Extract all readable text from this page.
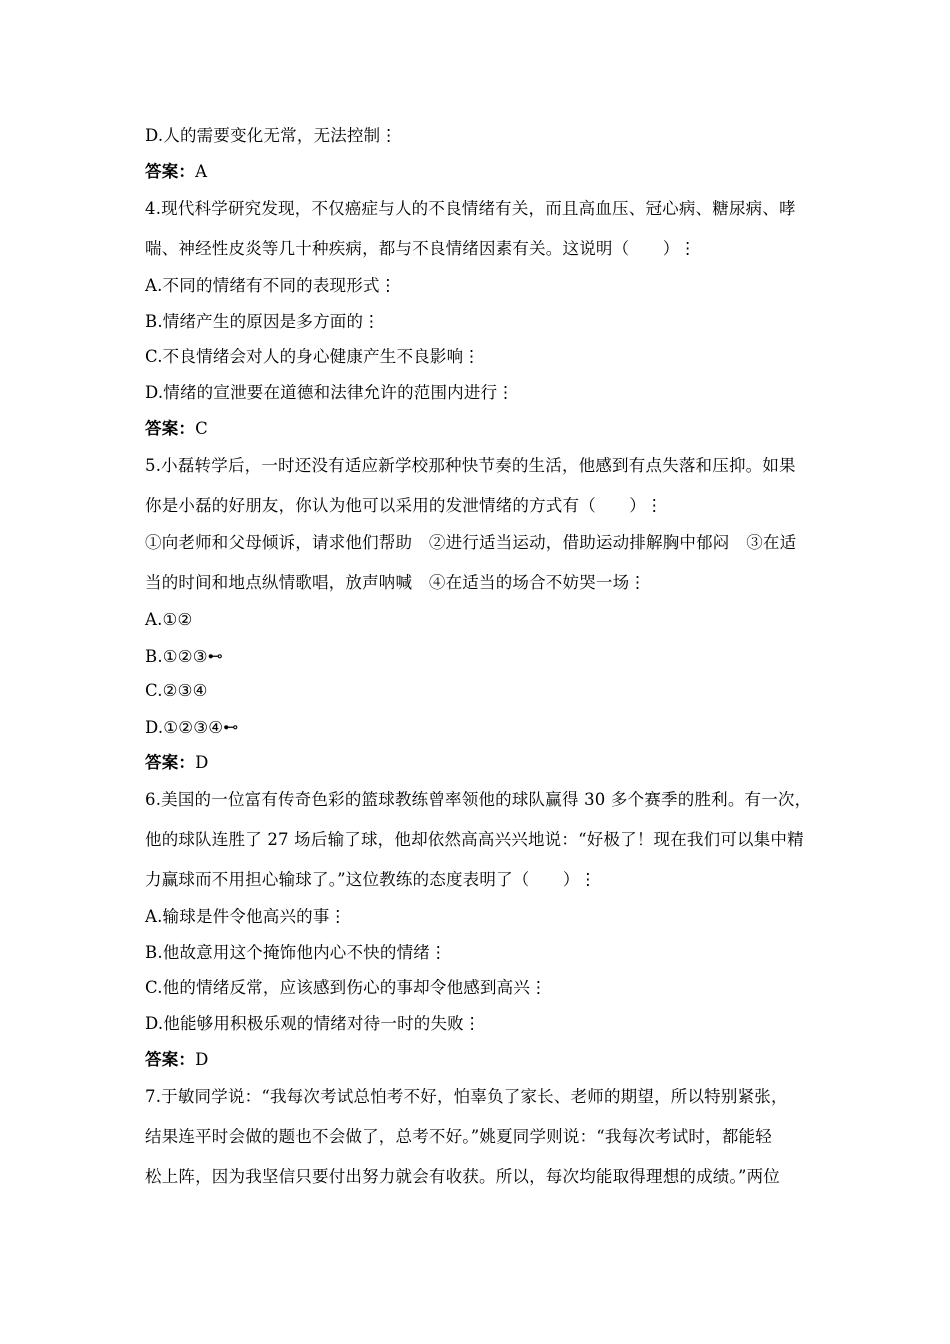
D.人的需要变化无常，无法控制⋮
答案：A
4.现代科学研究发现，不仅癌症与人的不良情绪有关，而且高血压、冠心病、糖尿病、哮
喘、神经性皮炎等几十种疾病，都与不良情绪因素有关。这说明（　　）⋮
A.不同的情绪有不同的表现形式⋮
B.情绪产生的原因是多方面的⋮
C.不良情绪会对人的身心健康产生不良影响⋮
D.情绪的宣泄要在道德和法律允许的范围内进行⋮
答案：C
5.小磊转学后，一时还没有适应新学校那种快节奏的生活，他感到有点失落和压抑。如果
你是小磊的好朋友，你认为他可以采用的发泄情绪的方式有（　　）⋮
①向老师和父母倾诉，请求他们帮助　②进行适当运动，借助运动排解胸中郁闷　③在适
当的时间和地点纵情歌唱，放声呐喊　④在适当的场合不妨哭一场⋮
A.①②
B.①②③⊷
C.②③④
D.①②③④⊷
答案：D
6.美国的一位富有传奇色彩的篮球教练曾率领他的球队赢得 30 多个赛季的胜利。有一次，
他的球队连胜了 27 场后输了球，他却依然高高兴兴地说：“好极了！现在我们可以集中精
力赢球而不用担心输球了。”这位教练的态度表明了（　　）⋮
A.输球是件令他高兴的事⋮
B.他故意用这个掩饰他内心不快的情绪⋮
C.他的情绪反常，应该感到伤心的事却令他感到高兴⋮
D.他能够用积极乐观的情绪对待一时的失败⋮
答案：D
7.于敏同学说：“我每次考试总怕考不好，怕辜负了家长、老师的期望，所以特别紧张，
结果连平时会做的题也不会做了，总考不好。”姚夏同学则说：“我每次考试时，都能轻
松上阵，因为我坚信只要付出努力就会有收获。所以，每次均能取得理想的成绩。”两位
